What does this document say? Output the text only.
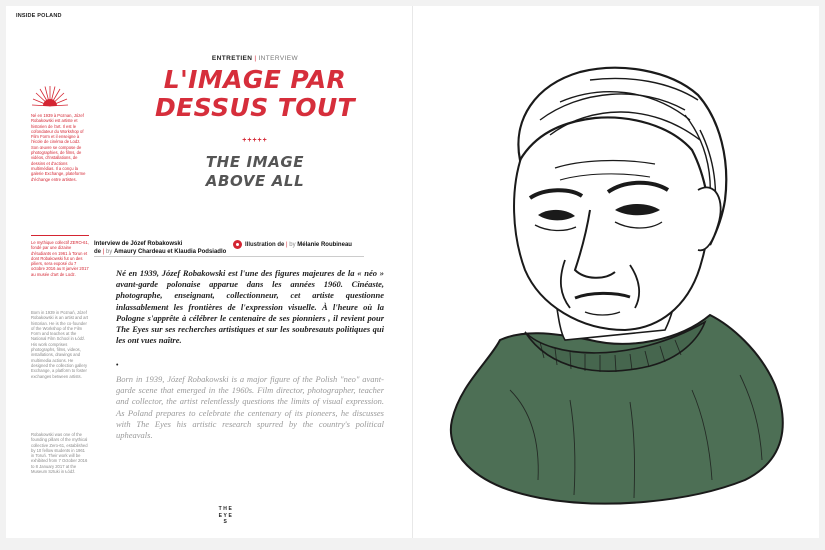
INSIDE POLAND
Né en 1939 à Poznan, Józef Robakowski est artiste et historien de l'art. Il est le cofondateur du Workshop of Film Form et il enseigne à l'école de cinéma de Lodz. Son œuvre se compose de photographies, de films, de vidéos, d'installations, de dessins et d'actions multimédias. Il a conçu la galerie Exchange, plateforme d'échange entre artistes.
Le mythique collectif ZERO-61, fondé par une dizaine d'étudiants en 1961 à Torun et dont Robakowski fut un des piliers, sera exposé du 7 octobre 2016 au 8 janvier 2017 au musée d'art de Lodz.
Born in 1939 in Poznań, Józef Robakowski is an artist and art historian. He is the co-founder of the Workshop of the Film Form and teaches at the National Film School in Łódź. His work comprises photographs, films, videos, installations, drawings and multimedia actions. He designed the collection gallery Exchange, a platform to foster exchanges between artists.
Robakowski was one of the founding pillars of the mythical collective Zero-61, established by 10 fellow students in 1961 in Toruń. Their work will be exhibited from 7 October 2016 to 8 January 2017 at the Museum Sztuki in Łódź.
ENTRETIEN | INTERVIEW
L'IMAGE PAR
DESSUS TOUT
+++++
THE IMAGE
ABOVE ALL
Interview de Józef Robakowski
de | by Amaury Chardeau et Klaudia Podsiadlo
Illustration de | by Mélanie Roubineau

Né en 1939, Józef Robakowski est l'une des figures majeures de la « néo » avant-garde polonaise apparue dans les années 1960. Cinéaste, photographe, enseignant, collectionneur, cet artiste questionne inlassablement les frontières de l'expression visuelle. À l'heure où la Pologne s'apprête à célébrer le centenaire de ses pionniers , il revient pour The Eyes sur ses recherches artistiques et sur les soubresauts politiques qui les ont vues naître.

•

Born in 1939, Józef Robakowski is a major figure of the Polish "neo" avant-garde scene that emerged in the 1960s. Film director, photographer, teacher and collector, the artist relentlessly questions the limits of visual expression. As Poland prepares to celebrate the centenary of its pioneers, he discusses with The Eyes his artistic research spurred by the country's political upheavals.

THE
EYE
S
